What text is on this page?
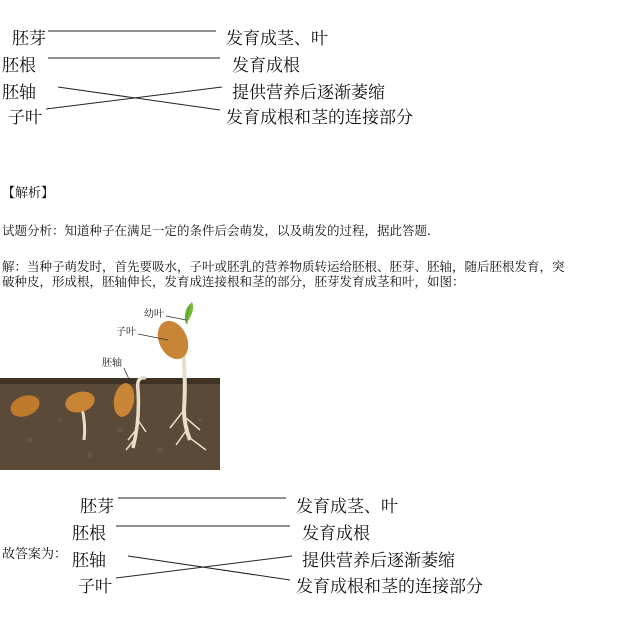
胚芽
胚根
胚轴
子叶
发育成茎、叶
发育成根
提供营养后逐渐萎缩
发育成根和茎的连接部分
【解析】
试题分析：知道种子在满足一定的条件后会萌发，以及萌发的过程，据此答题．
解：当种子萌发时，首先要吸水，子叶或胚乳的营养物质转运给胚根、胚芽、胚轴，随后胚根发育，突
破种皮，形成根，胚轴伸长，发育成连接根和茎的部分，胚芽发育成茎和叶，如图：
幼叶
子叶
胚轴
故答案为：
胚芽
胚根
胚轴
子叶
发育成茎、叶
发育成根
提供营养后逐渐萎缩
发育成根和茎的连接部分
